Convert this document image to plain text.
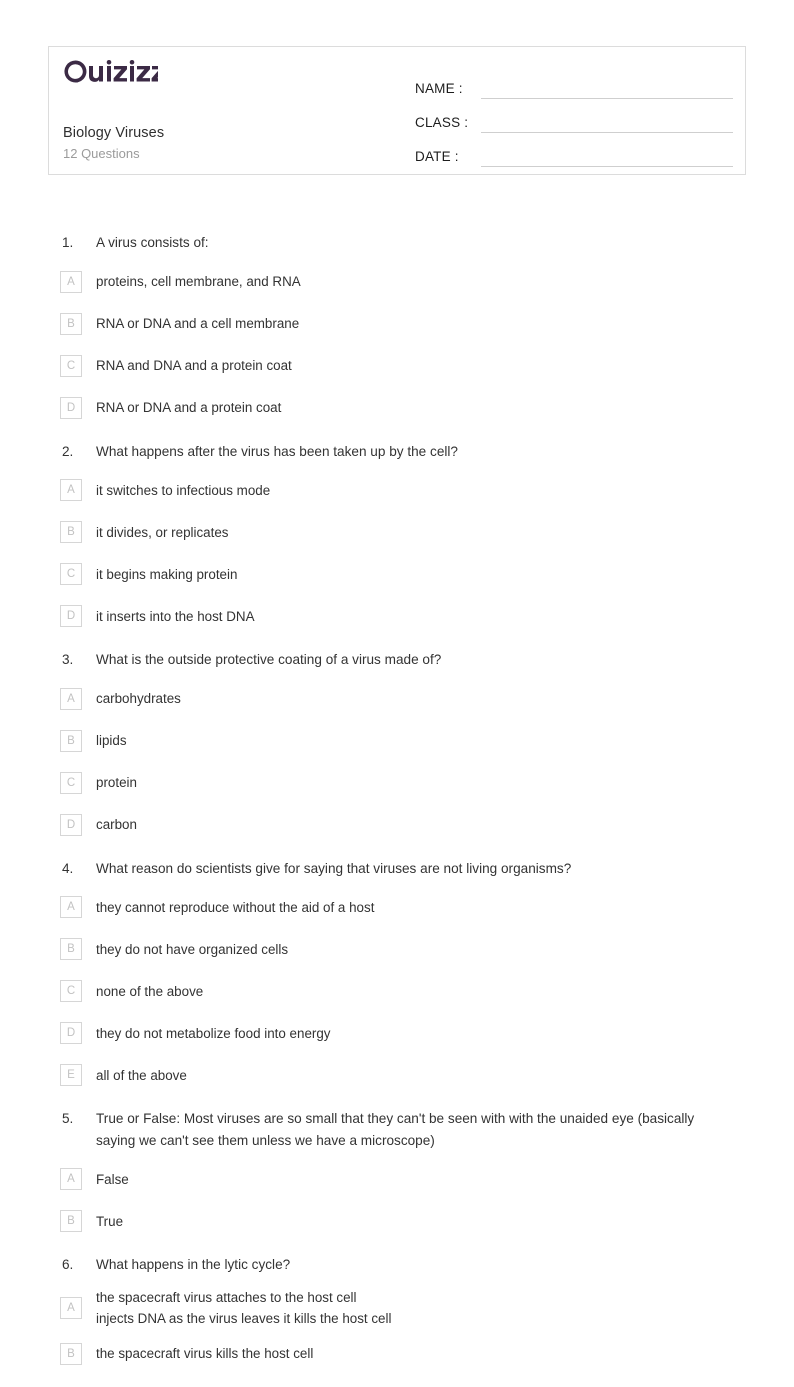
Biology Viruses
12 Questions
NAME :
CLASS :
DATE :
1.	A virus consists of:
A	proteins, cell membrane, and RNA
B	RNA or DNA and a cell membrane
C	RNA and DNA and a protein coat
D	RNA or DNA and a protein coat
2.	What happens after the virus has been taken up by the cell?
A	it switches to infectious mode
B	it divides, or replicates
C	it begins making protein
D	it inserts into the host DNA
3.	What is the outside protective coating of a virus made of?
A	carbohydrates
B	lipids
C	protein
D	carbon
4.	What reason do scientists give for saying that viruses are not living organisms?
A	they cannot reproduce without the aid of a host
B	they do not have organized cells
C	none of the above
D	they do not metabolize food into energy
E	all of the above
5.	True or False: Most viruses are so small that they can't be seen with with the unaided eye (basically saying we can't see them unless we have a microscope)
A	False
B	True
6.	What happens in the lytic cycle?
A
the spacecraft virus attaches to the host cell injects DNA as the virus leaves it kills the host cell
B	the spacecraft virus kills the host cell
